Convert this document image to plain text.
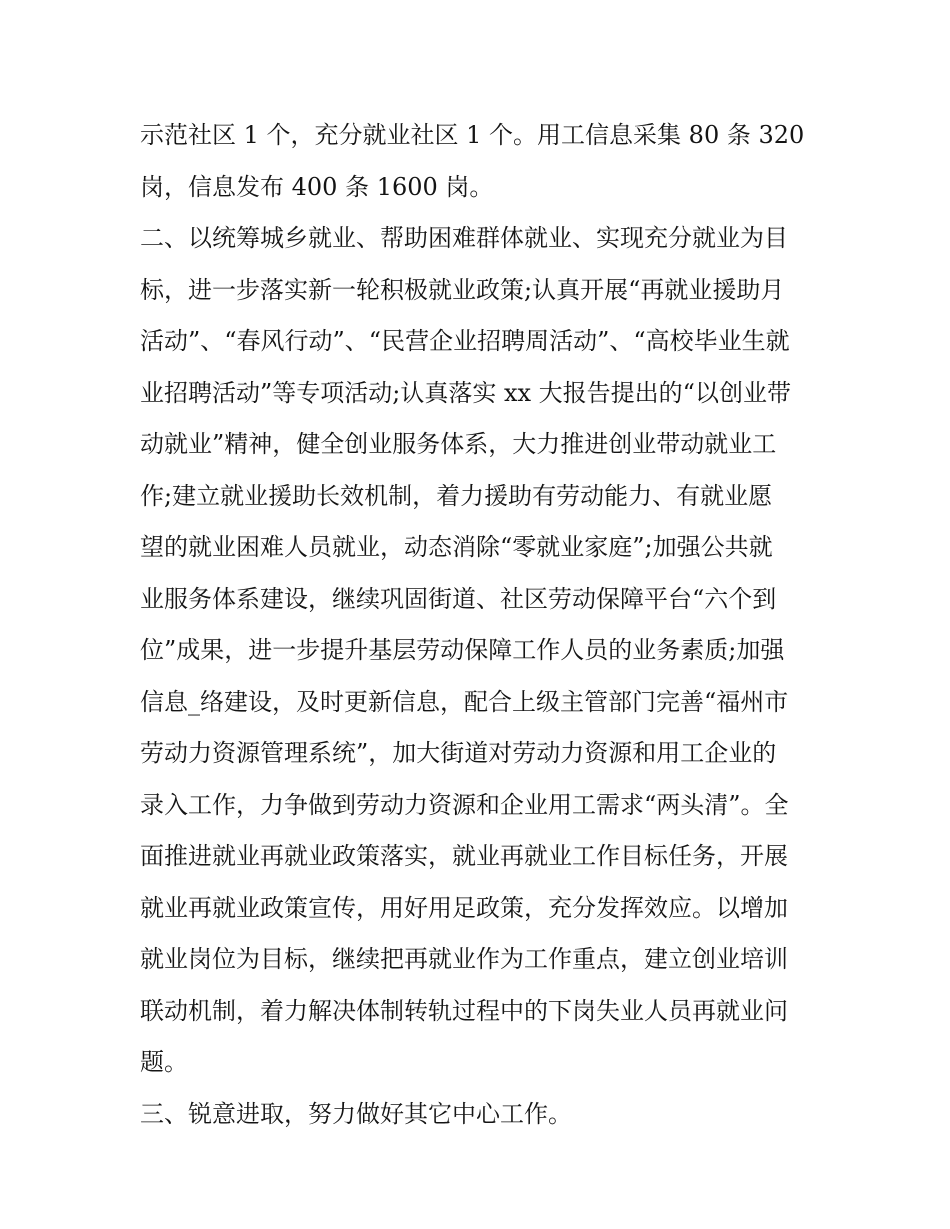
示范社区 1 个，充分就业社区 1 个。用工信息采集 80 条 320
岗，信息发布 400 条 1600 岗。
二、以统筹城乡就业、帮助困难群体就业、实现充分就业为目
标，进一步落实新一轮积极就业政策;认真开展“再就业援助月
活动”、“春风行动”、“民营企业招聘周活动”、“高校毕业生就
业招聘活动”等专项活动;认真落实 xx 大报告提出的“以创业带
动就业”精神，健全创业服务体系，大力推进创业带动就业工
作;建立就业援助长效机制，着力援助有劳动能力、有就业愿
望的就业困难人员就业，动态消除“零就业家庭”;加强公共就
业服务体系建设，继续巩固街道、社区劳动保障平台“六个到
位”成果，进一步提升基层劳动保障工作人员的业务素质;加强
信息_络建设，及时更新信息，配合上级主管部门完善“福州市
劳动力资源管理系统”，加大街道对劳动力资源和用工企业的
录入工作，力争做到劳动力资源和企业用工需求“两头清”。全
面推进就业再就业政策落实，就业再就业工作目标任务，开展
就业再就业政策宣传，用好用足政策，充分发挥效应。以增加
就业岗位为目标，继续把再就业作为工作重点，建立创业培训
联动机制，着力解决体制转轨过程中的下岗失业人员再就业问
题。
三、锐意进取，努力做好其它中心工作。
